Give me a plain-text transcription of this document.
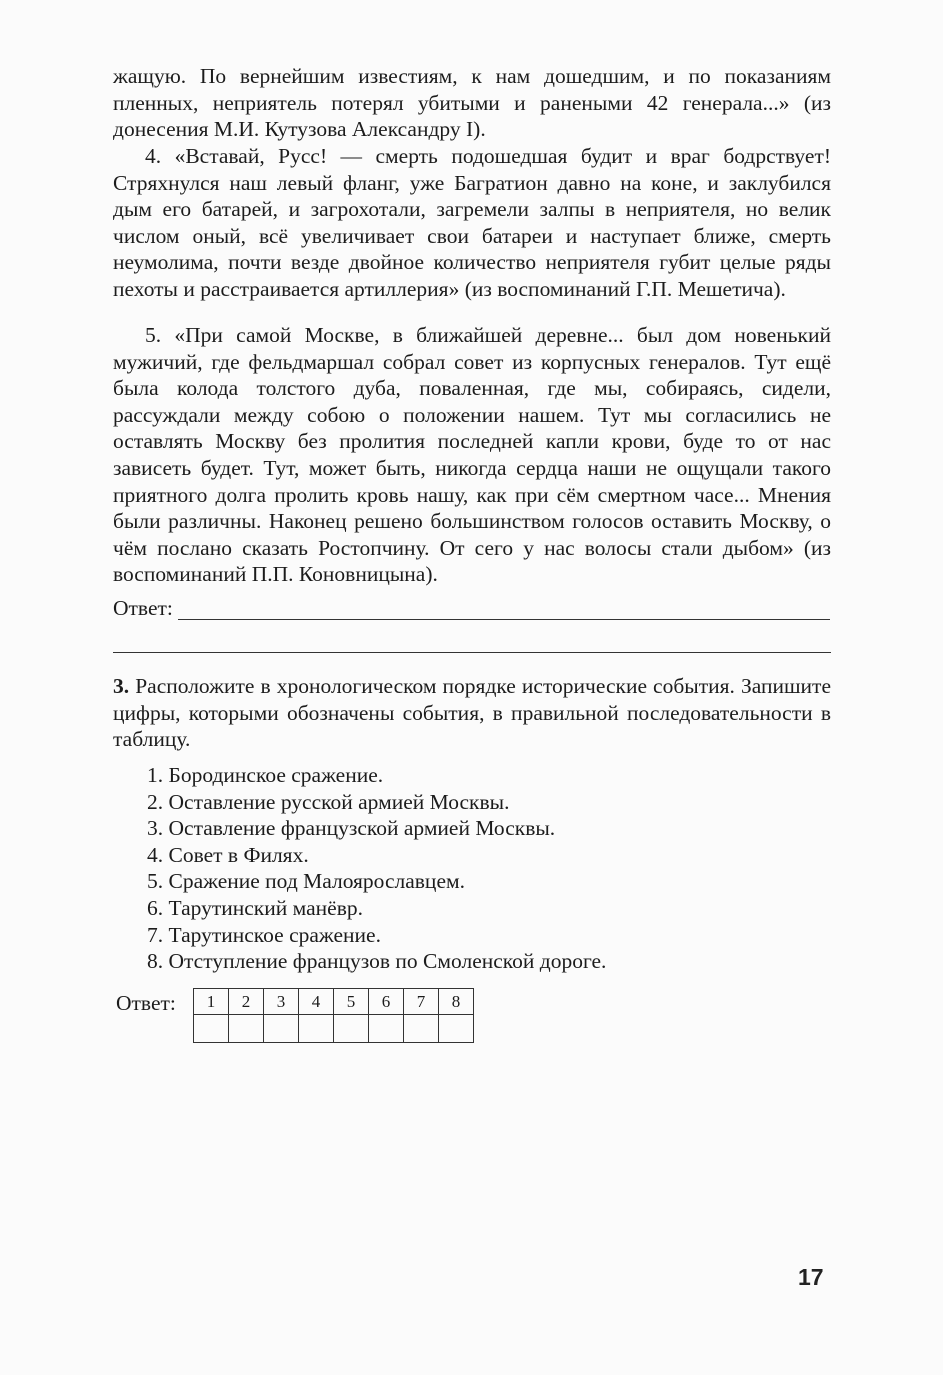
жащую. По вернейшим известиям, к нам дошедшим, и по показаниям пленных, неприятель потерял убитыми и ранеными 42 генерала...» (из донесения М.И. Кутузова Александру I).

4. «Вставай, Русс! — смерть подошедшая будит и враг бодрствует! Стряхнулся наш левый фланг, уже Багратион давно на коне, и заклубился дым его батарей, и загрохотали, загремели залпы в неприятеля, но велик числом оный, всё увеличивает свои батареи и наступает ближе, смерть неумолима, почти везде двойное количество неприятеля губит целые ряды пехоты и расстраивается артиллерия» (из воспоминаний Г.П. Мешетича).

5. «При самой Москве, в ближайшей деревне... был дом новенький мужичий, где фельдмаршал собрал совет из корпусных генералов. Тут ещё была колода толстого дуба, поваленная, где мы, собираясь, сидели, рассуждали между собою о положении нашем. Тут мы согласились не оставлять Москву без пролития последней капли крови, буде то от нас зависеть будет. Тут, может быть, никогда сердца наши не ощущали такого приятного долга пролить кровь нашу, как при сём смертном часе... Мнения были различны. Наконец решено большинством голосов оставить Москву, о чём послано сказать Ростопчину. От сего у нас волосы стали дыбом» (из воспоминаний П.П. Коновницына).

Ответ:

3. Расположите в хронологическом порядке исторические события. Запишите цифры, которыми обозначены события, в правильной последовательности в таблицу.

1. Бородинское сражение.
2. Оставление русской армией Москвы.
3. Оставление французской армией Москвы.
4. Совет в Филях.
5. Сражение под Малоярославцем.
6. Тарутинский манёвр.
7. Тарутинское сражение.
8. Отступление французов по Смоленской дороге.
Ответ: 1	2	3	4	5	6	7	8

17
